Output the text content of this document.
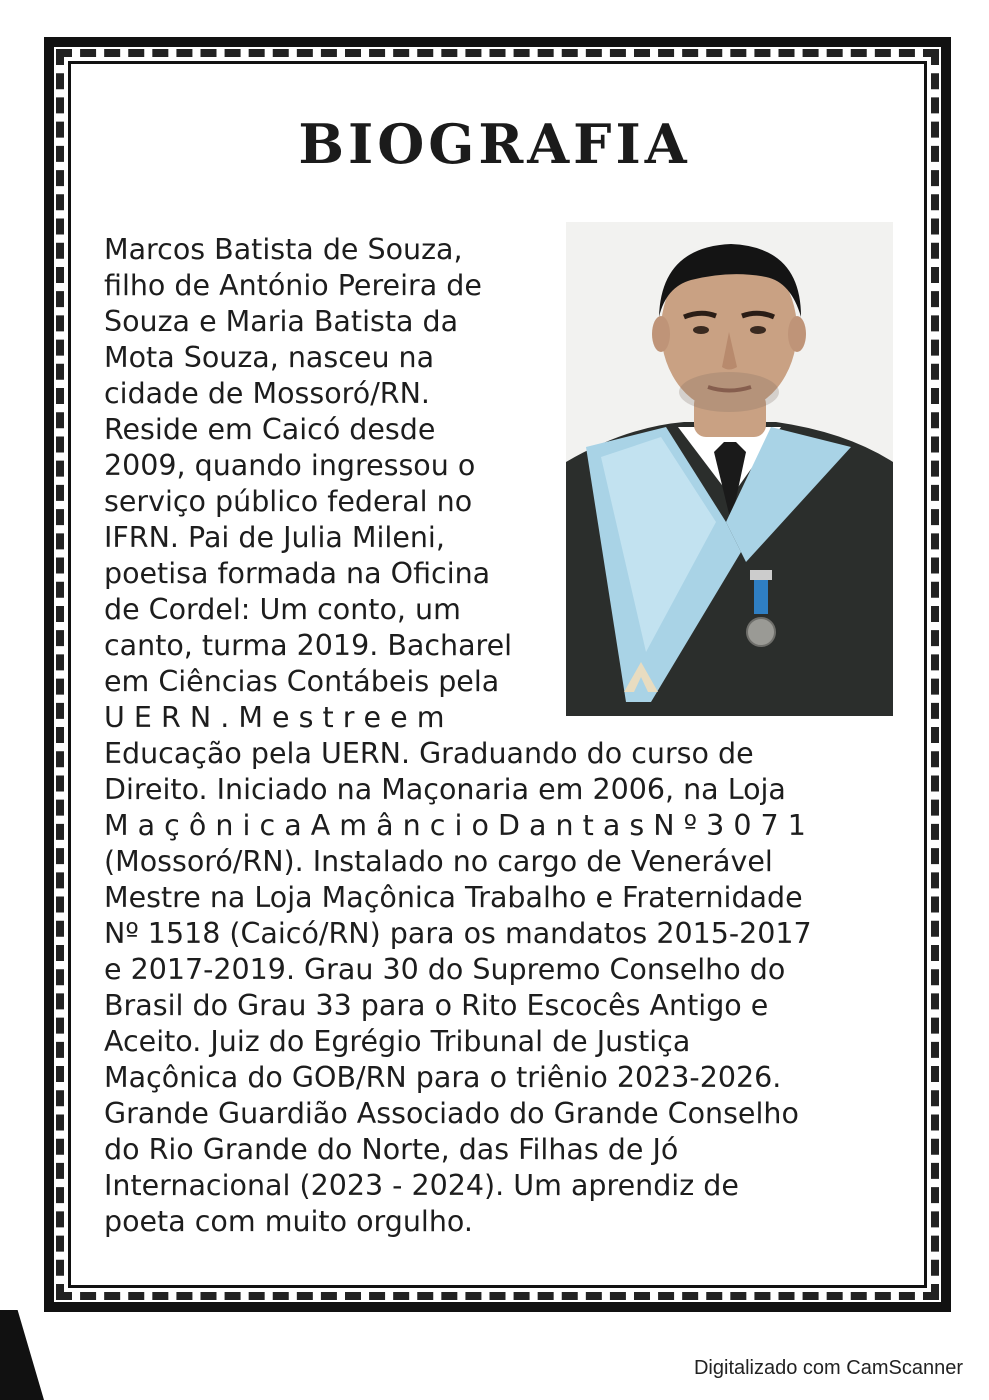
BIOGRAFIA
Marcos Batista de Souza,
filho de António Pereira de
Souza e Maria Batista da
Mota Souza, nasceu na
cidade de Mossoró/RN.
Reside em Caicó desde
2009, quando ingressou o
serviço público federal no
IFRN. Pai de Julia Mileni,
poetisa formada na Oficina
de Cordel: Um conto, um
canto, turma 2019. Bacharel
em Ciências Contábeis pela
U E R N . M e s t r e e m
Educação pela UERN. Graduando do curso de
Direito. Iniciado na Maçonaria em 2006, na Loja
M a ç ô n i c a A m â n c i o D a n t a s N º 3 0 7 1
(Mossoró/RN). Instalado no cargo de Venerável
Mestre na Loja Maçônica Trabalho e Fraternidade
Nº 1518 (Caicó/RN) para os mandatos 2015-2017
e 2017-2019. Grau 30 do Supremo Conselho do
Brasil do Grau 33 para o Rito Escocês Antigo e
Aceito. Juiz do Egrégio Tribunal de Justiça
Maçônica do GOB/RN para o triênio 2023-2026.
Grande Guardião Associado do Grande Conselho
do Rio Grande do Norte, das Filhas de Jó
Internacional (2023 - 2024). Um aprendiz de
poeta com muito orgulho.
Digitalizado com CamScanner
